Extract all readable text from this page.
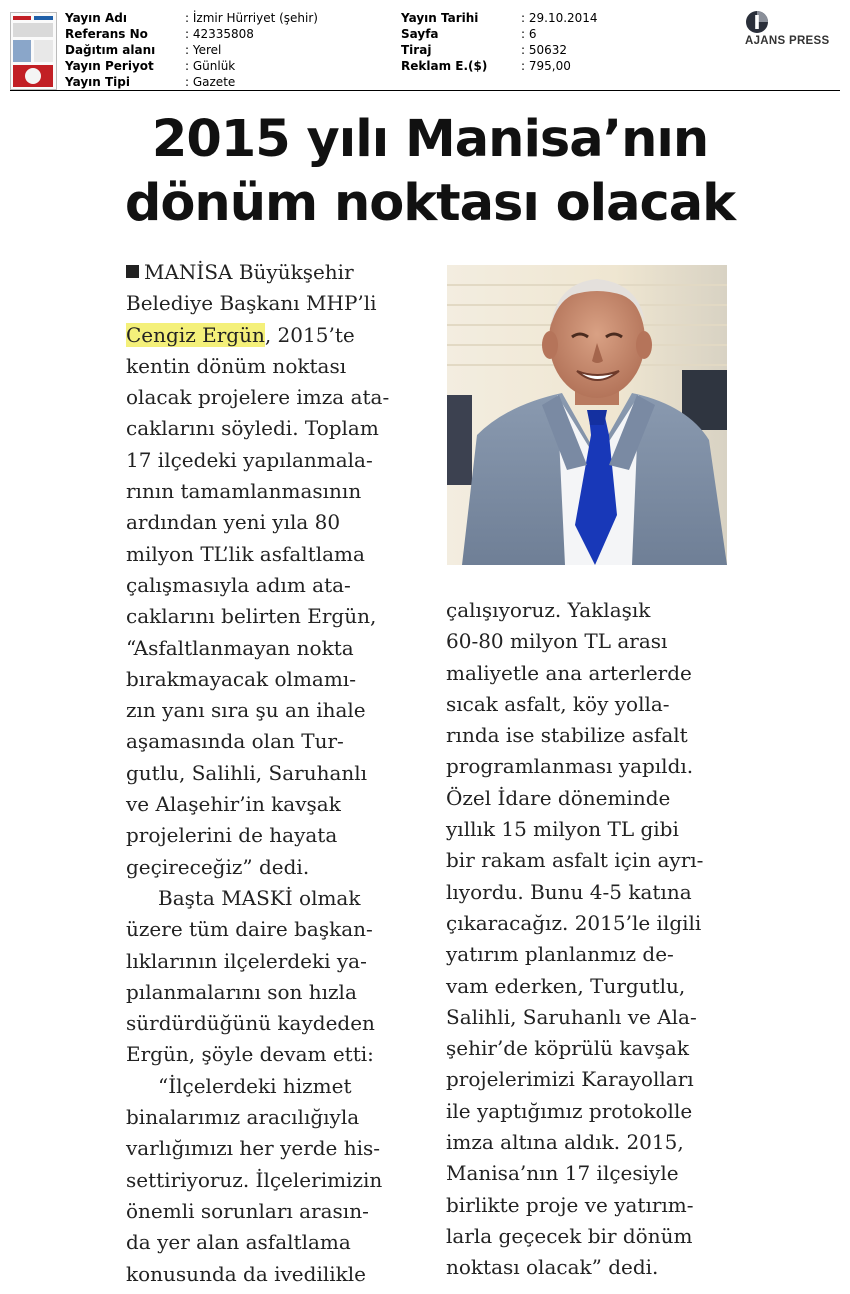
Yayın Adı	: İzmir Hürriyet (şehir)
Referans No	: 42335808
Dağıtım alanı	: Yerel
Yayın Periyot	: Günlük
Yayın Tipi	: Gazete
Yayın Tarihi	: 29.10.2014
Sayfa	: 6
Tiraj	: 50632
Reklam E.($)	: 795,00
AJANS PRESS
2015 yılı Manisa’nın
dönüm noktası olacak
MANİSA Büyükşehir
Belediye Başkanı MHP’li
Cengiz Ergün, 2015’te
kentin dönüm noktası
olacak projelere imza ata-
caklarını söyledi. Toplam
17 ilçedeki yapılanmala-
rının tamamlanmasının
ardından yeni yıla 80
milyon TL’lik asfaltlama
çalışmasıyla adım ata-
caklarını belirten Ergün,
“Asfaltlanmayan nokta
bırakmayacak olmamı-
zın yanı sıra şu an ihale
aşamasında olan Tur-
gutlu, Salihli, Saruhanlı
ve Alaşehir’in kavşak
projelerini de hayata
geçireceğiz” dedi.
Başta MASKİ olmak
üzere tüm daire başkan-
lıklarının ilçelerdeki ya-
pılanmalarını son hızla
sürdürdüğünü kaydeden
Ergün, şöyle devam etti:
“İlçelerdeki hizmet
binalarımız aracılığıyla
varlığımızı her yerde his-
settiriyoruz. İlçelerimizin
önemli sorunları arasın-
da yer alan asfaltlama
konusunda da ivedilikle
çalışıyoruz. Yaklaşık
60-80 milyon TL arası
maliyetle ana arterlerde
sıcak asfalt, köy yolla-
rında ise stabilize asfalt
programlanması yapıldı.
Özel İdare döneminde
yıllık 15 milyon TL gibi
bir rakam asfalt için ayrı-
lıyordu. Bunu 4-5 katına
çıkaracağız. 2015’le ilgili
yatırım planlanmız de-
vam ederken, Turgutlu,
Salihli, Saruhanlı ve Ala-
şehir’de köprülü kavşak
projelerimizi Karayolları
ile yaptığımız protokolle
imza altına aldık. 2015,
Manisa’nın 17 ilçesiyle
birlikte proje ve yatırım-
larla geçecek bir dönüm
noktası olacak” dedi.
